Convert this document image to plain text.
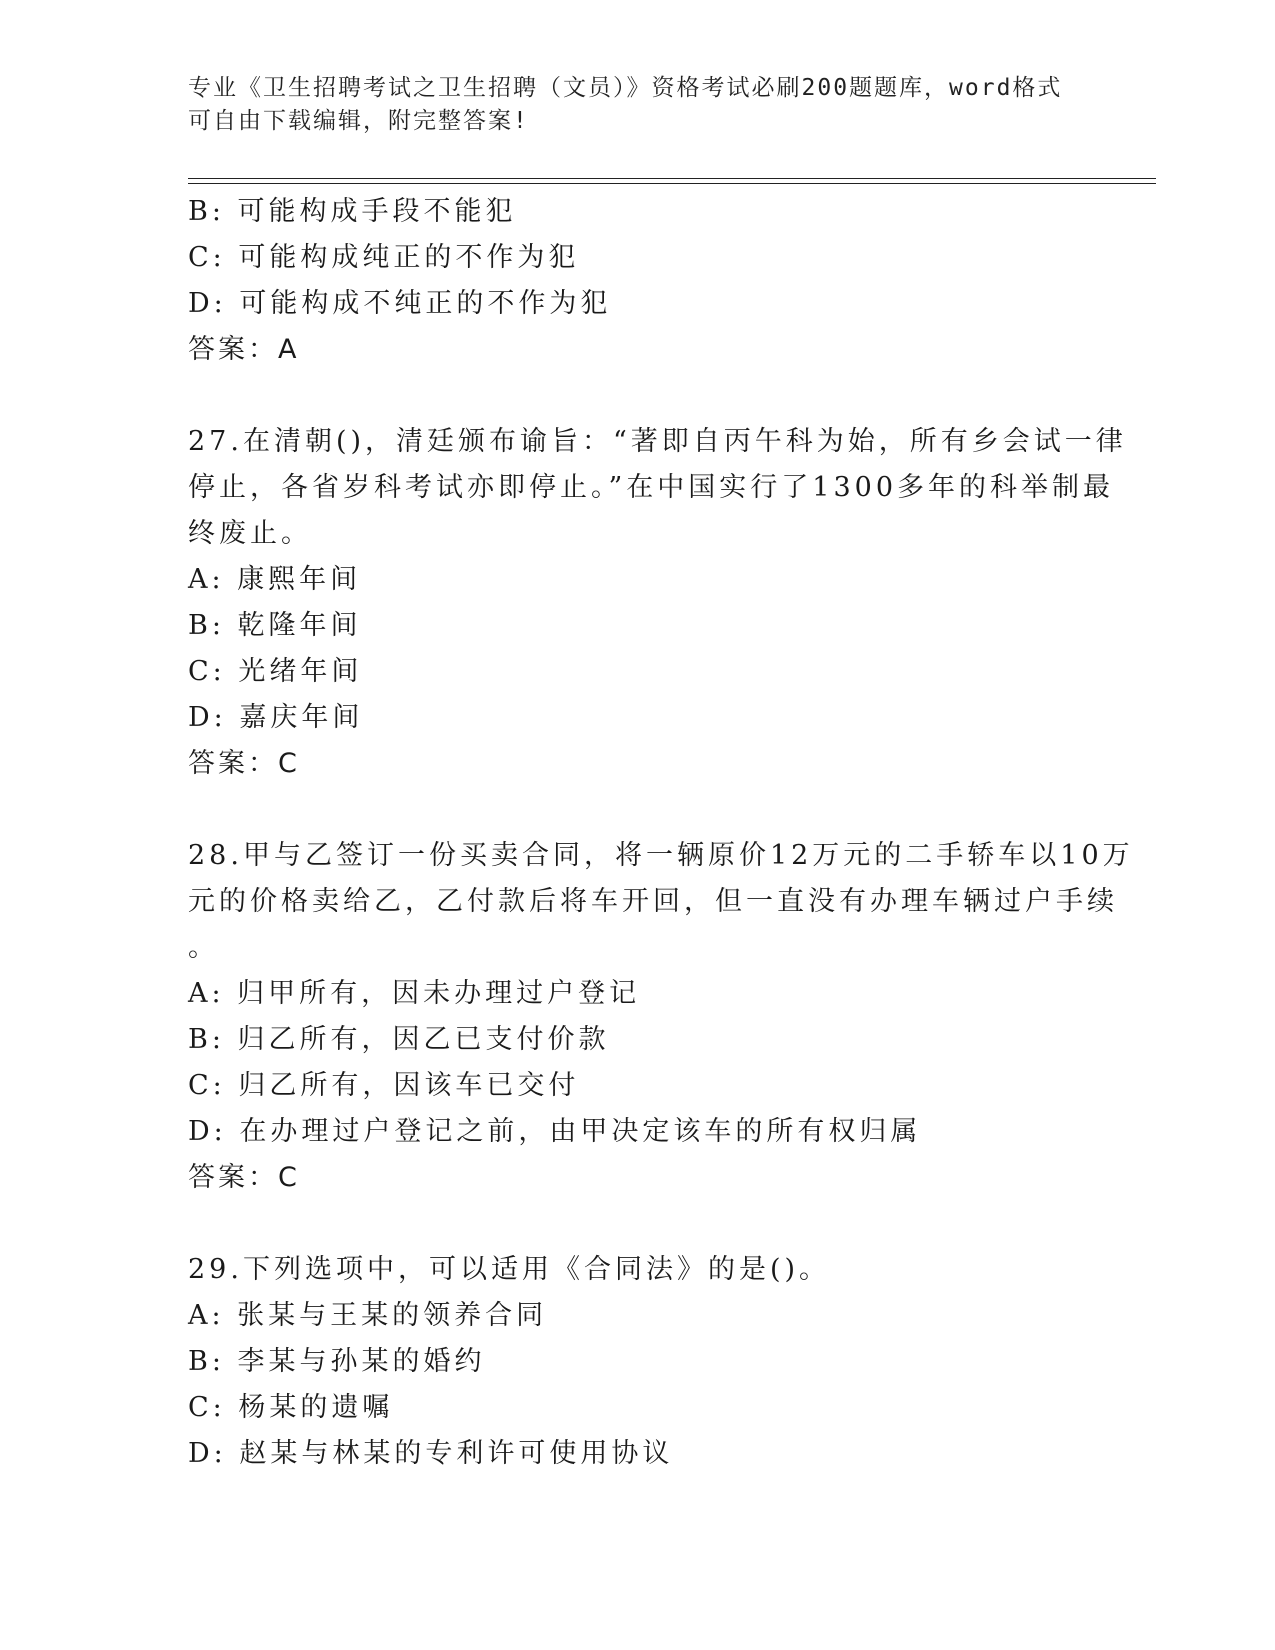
专业《卫生招聘考试之卫生招聘（文员）》资格考试必刷200题题库，word格式
可自由下载编辑，附完整答案!
B: 可能构成手段不能犯
C: 可能构成纯正的不作为犯
D: 可能构成不纯正的不作为犯
答案：A
27.在清朝()，清廷颁布谕旨：“著即自丙午科为始，所有乡会试一律
停止，各省岁科考试亦即停止。”在中国实行了1300多年的科举制最
终废止。
A: 康熙年间
B: 乾隆年间
C: 光绪年间
D: 嘉庆年间
答案：C
28.甲与乙签订一份买卖合同，将一辆原价12万元的二手轿车以10万
元的价格卖给乙，乙付款后将车开回，但一直没有办理车辆过户手续
。
A: 归甲所有，因未办理过户登记
B: 归乙所有，因乙已支付价款
C: 归乙所有，因该车已交付
D: 在办理过户登记之前，由甲决定该车的所有权归属
答案：C
29.下列选项中，可以适用《合同法》的是()。
A: 张某与王某的领养合同
B: 李某与孙某的婚约
C: 杨某的遗嘱
D: 赵某与林某的专利许可使用协议
